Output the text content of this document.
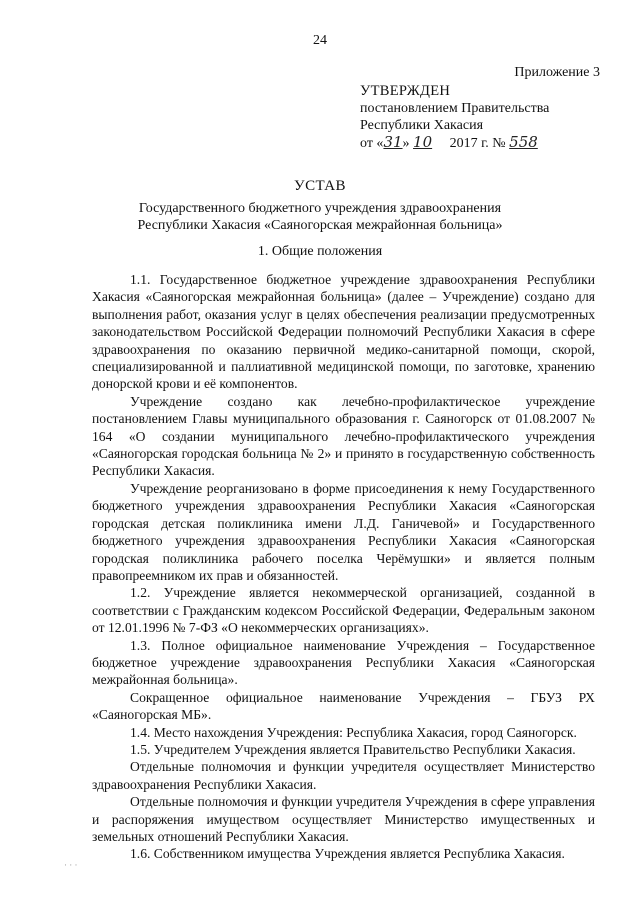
24
Приложение 3
УТВЕРЖДЕН
постановлением Правительства
Республики Хакасия
от «31» 10 2017 г. № 558
УСТАВ
Государственного бюджетного учреждения здравоохранения
Республики Хакасия «Саяногорская межрайонная больница»
1. Общие положения

1.1. Государственное бюджетное учреждение здравоохранения Республики Хакасия «Саяногорская межрайонная больница» (далее – Учреждение) создано для выполнения работ, оказания услуг в целях обеспечения реализации предусмотренных законодательством Российской Федерации полномочий Республики Хакасия в сфере здравоохранения по оказанию первичной медико-санитарной помощи, скорой, специализированной и паллиативной медицинской помощи, по заготовке, хранению донорской крови и её компонентов.

Учреждение создано как лечебно-профилактическое учреждение постановлением Главы муниципального образования г. Саяногорск от 01.08.2007 № 164 «О создании муниципального лечебно-профилактического учреждения «Саяногорская городская больница № 2» и принято в государственную собственность Республики Хакасия.

Учреждение реорганизовано в форме присоединения к нему Государственного бюджетного учреждения здравоохранения Республики Хакасия «Саяногорская городская детская поликлиника имени Л.Д. Ганичевой» и Государственного бюджетного учреждения здравоохранения Республики Хакасия «Саяногорская городская поликлиника рабочего поселка Черёмушки» и является полным правопреемником их прав и обязанностей.

1.2. Учреждение является некоммерческой организацией, созданной в соответствии с Гражданским кодексом Российской Федерации, Федеральным законом от 12.01.1996 № 7-ФЗ «О некоммерческих организациях».

1.3. Полное официальное наименование Учреждения – Государственное бюджетное учреждение здравоохранения Республики Хакасия «Саяногорская межрайонная больница».

Сокращенное официальное наименование Учреждения – ГБУЗ РХ «Саяногорская МБ».

1.4. Место нахождения Учреждения: Республика Хакасия, город Саяногорск.

1.5. Учредителем Учреждения является Правительство Республики Хакасия.

Отдельные полномочия и функции учредителя осуществляет Министерство здравоохранения Республики Хакасия.

Отдельные полномочия и функции учредителя Учреждения в сфере управления и распоряжения имуществом осуществляет Министерство имущественных и земельных отношений Республики Хакасия.

1.6. Собственником имущества Учреждения является Республика Хакасия.

· · ·
